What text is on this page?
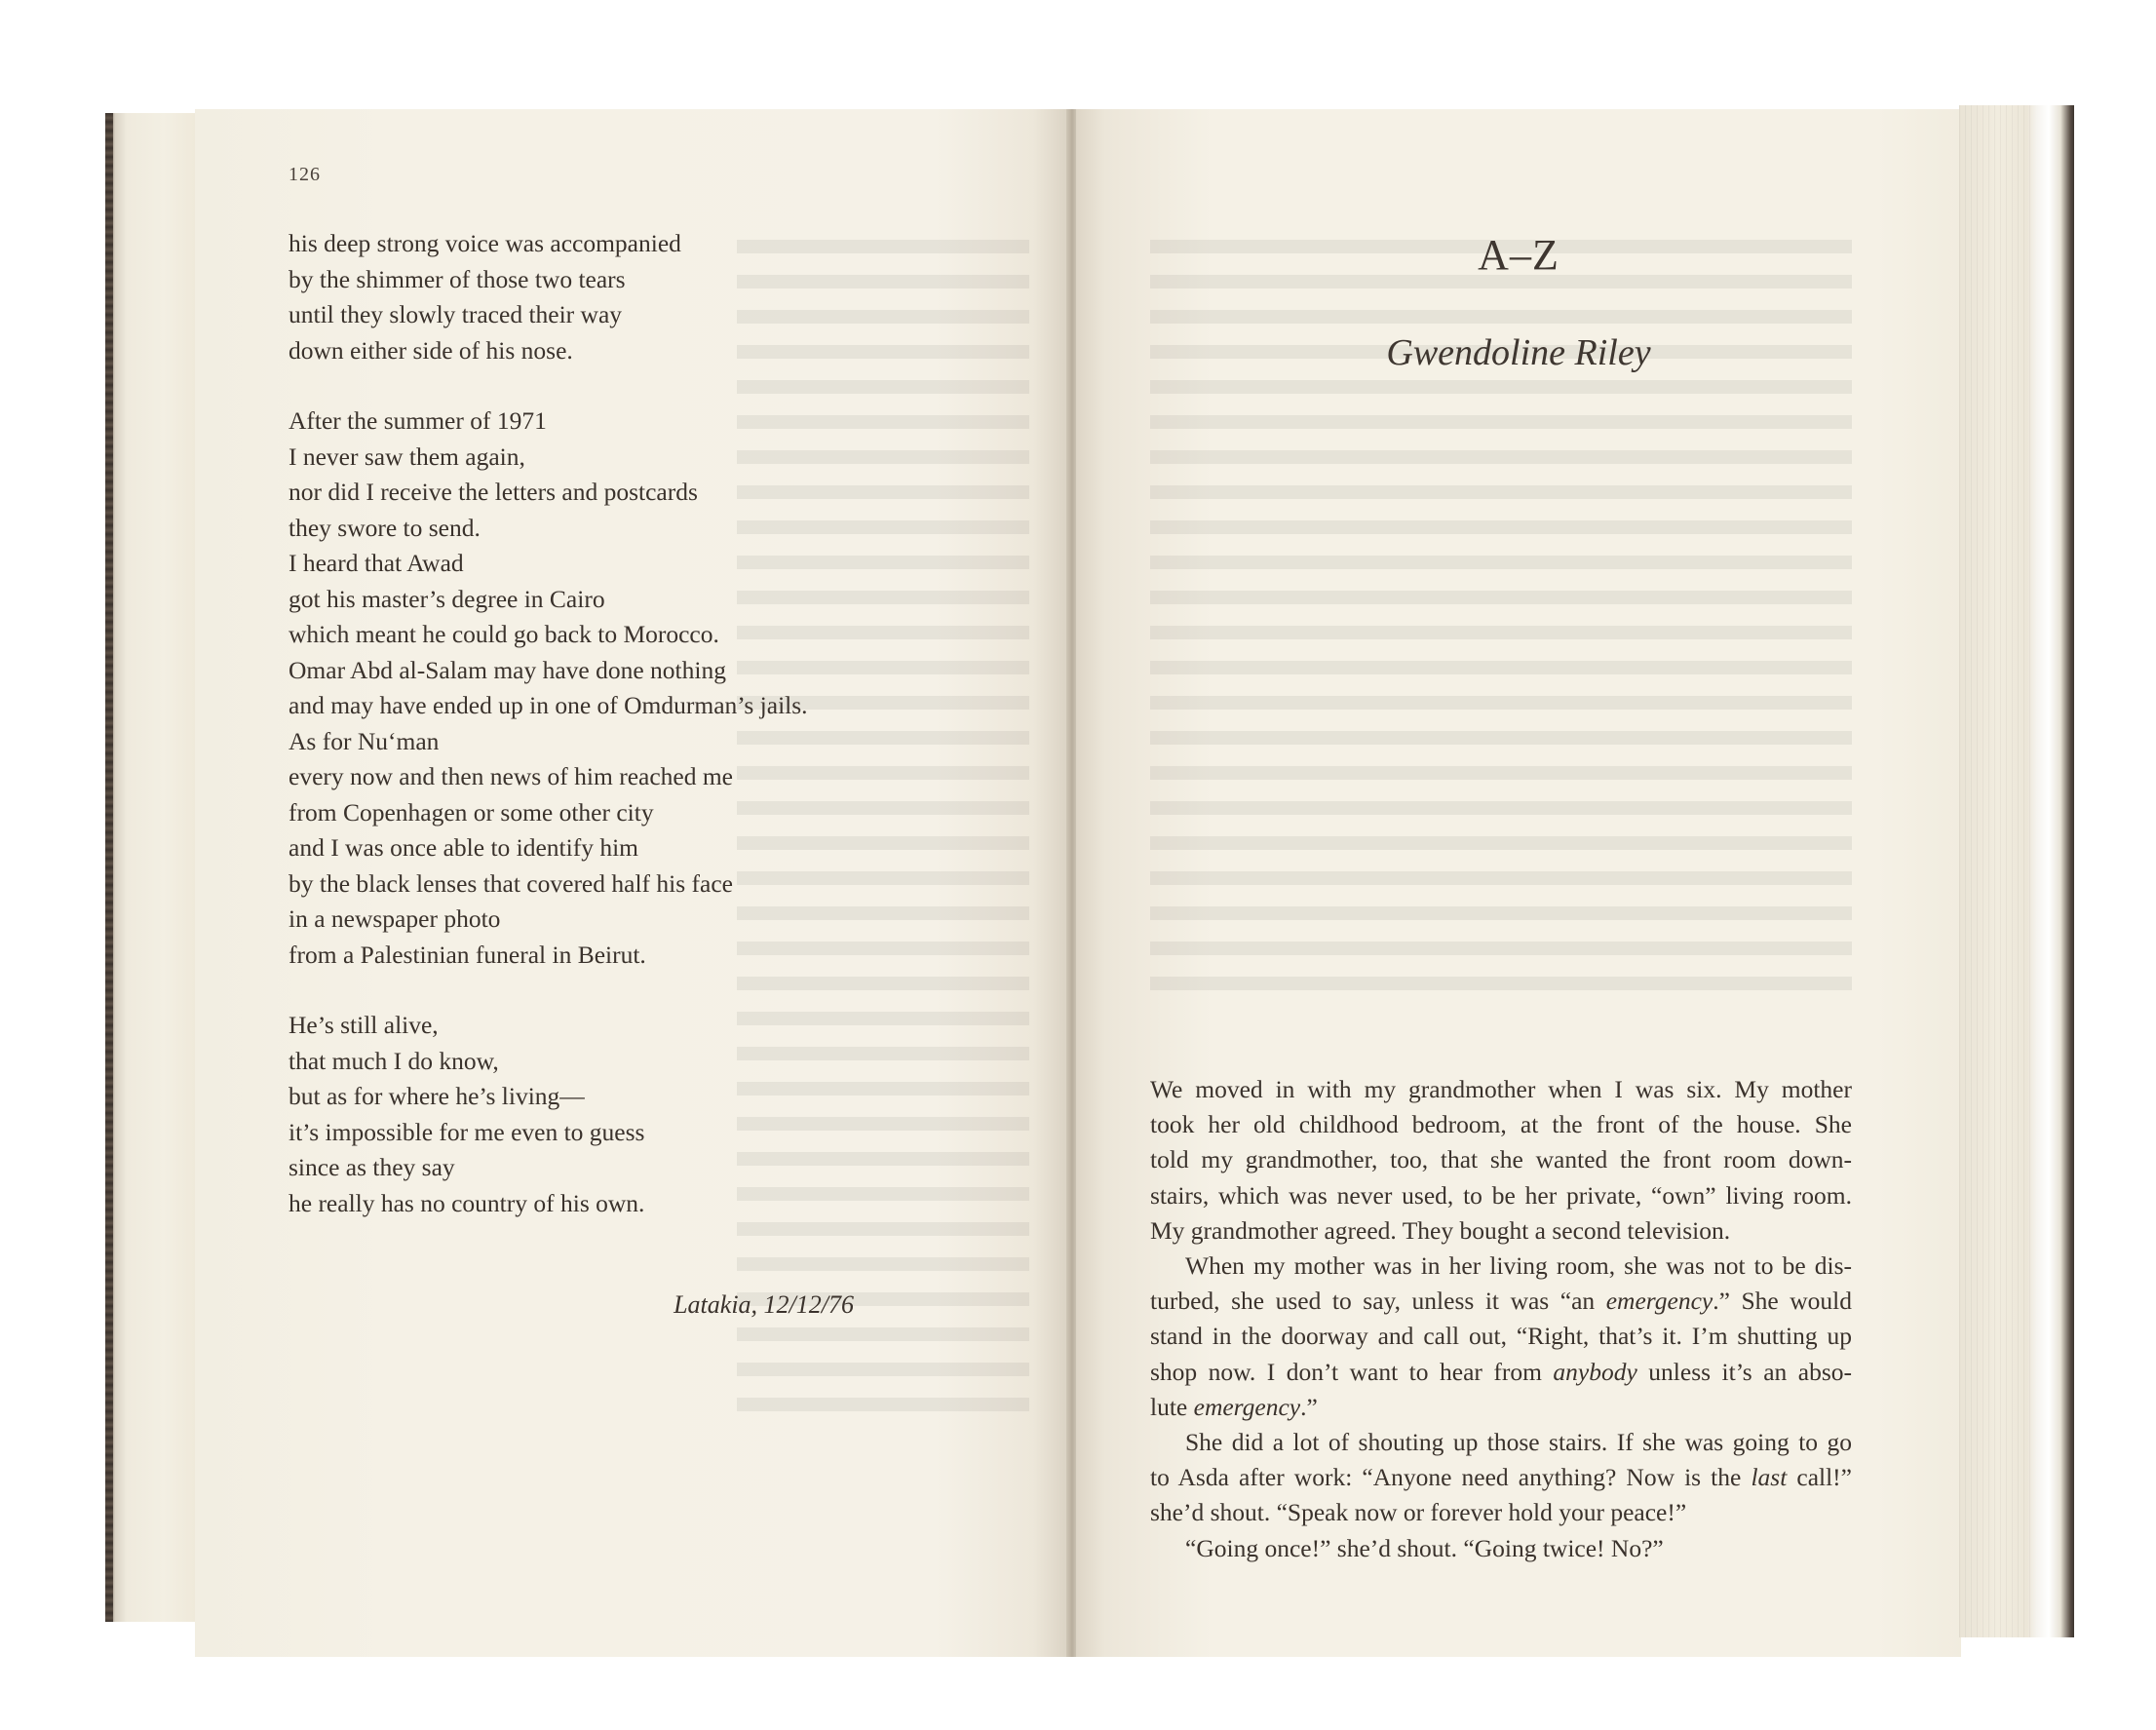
126

his deep strong voice was accompanied
by the shimmer of those two tears
until they slowly traced their way
down either side of his nose.
After the summer of 1971
I never saw them again,
nor did I receive the letters and postcards
they swore to send.
I heard that Awad
got his master’s degree in Cairo
which meant he could go back to Morocco.
Omar Abd al-Salam may have done nothing
and may have ended up in one of Omdurman’s jails.
As for Nu‘man
every now and then news of him reached me
from Copenhagen or some other city
and I was once able to identify him
by the black lenses that covered half his face
in a newspaper photo
from a Palestinian funeral in Beirut.
He’s still alive,
that much I do know,
but as for where he’s living—
it’s impossible for me even to guess
since as they say
he really has no country of his own.

Latakia, 12/12/76

A–Z
Gwendoline Riley
We moved in with my grandmother when I was six. My mother
took her old childhood bedroom, at the front of the house. She
told my grandmother, too, that she wanted the front room down-
stairs, which was never used, to be her private, “own” living room.
My grandmother agreed. They bought a second television.
When my mother was in her living room, she was not to be dis-
turbed, she used to say, unless it was “an emergency.” She would
stand in the doorway and call out, “Right, that’s it. I’m shutting up
shop now. I don’t want to hear from anybody unless it’s an abso-
lute emergency.”
She did a lot of shouting up those stairs. If she was going to go
to Asda after work: “Anyone need anything? Now is the last call!”
she’d shout. “Speak now or forever hold your peace!”
“Going once!” she’d shout. “Going twice! No?”
